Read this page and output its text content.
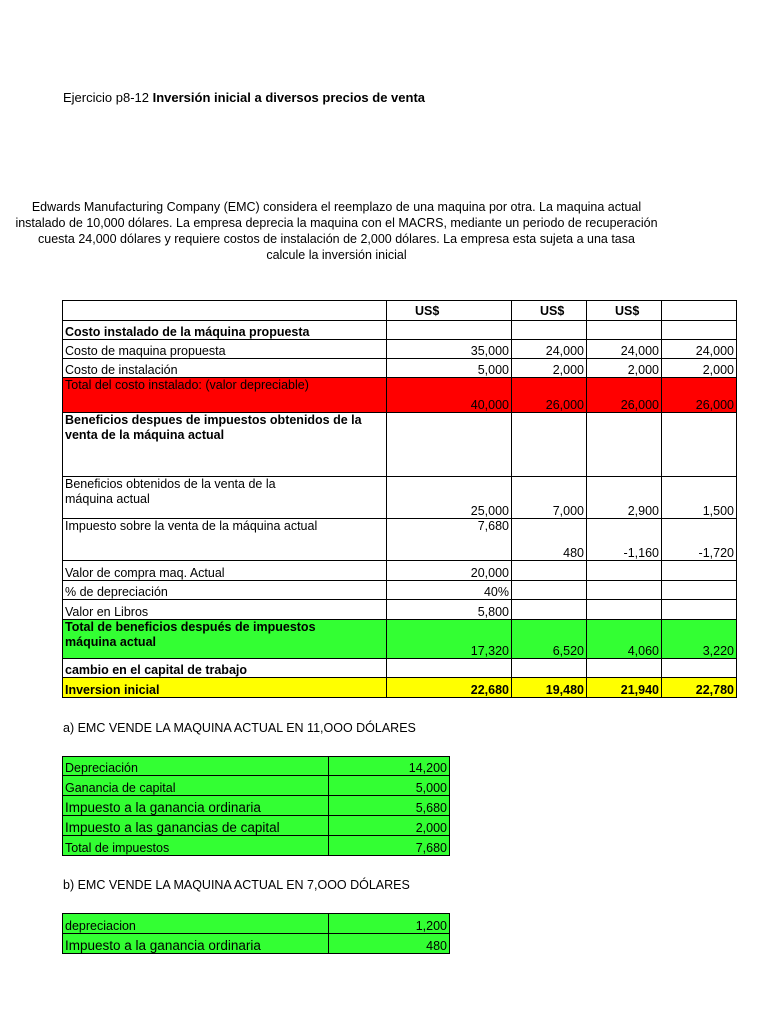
Ejercicio p8-12 Inversión inicial a diversos precios de venta
Edwards Manufacturing Company (EMC) considera el reemplazo de una maquina por otra. La maquina actual
instalado de 10,000 dólares. La empresa deprecia la maquina con el MACRS, mediante un periodo de recuperación
cuesta 24,000 dólares y requiere costos de instalación de 2,000 dólares. La empresa esta sujeta a una tasa
calcule la inversión inicial
	US$	US$	US$	
Costo instalado de la máquina propuesta				
Costo de maquina propuesta	35,000	24,000	24,000	24,000
Costo de instalación	5,000	2,000	2,000	2,000
Total del costo instalado: (valor depreciable)	40,000	26,000	26,000	26,000
Beneficios despues de impuestos obtenidos de la venta de la máquina actual				
Beneficios obtenidos de la venta de la máquina actual	25,000	7,000	2,900	1,500
Impuesto sobre la venta de la máquina actual	7,680	480	-1,160	-1,720
Valor de compra maq. Actual	20,000			
% de depreciación	40%			
Valor en Libros	5,800			
Total de beneficios después de impuestos máquina actual	17,320	6,520	4,060	3,220
cambio en el capital de trabajo				
Inversion inicial	22,680	19,480	21,940	22,780
a) EMC VENDE LA MAQUINA ACTUAL EN 11,OOO DÓLARES
Depreciación	14,200
Ganancia de capital	5,000
Impuesto a la ganancia ordinaria	5,680
Impuesto a las ganancias de capital	2,000
Total de impuestos	7,680
b) EMC VENDE LA MAQUINA ACTUAL EN 7,OOO DÓLARES
depreciacion	1,200
Impuesto a la ganancia ordinaria	480
